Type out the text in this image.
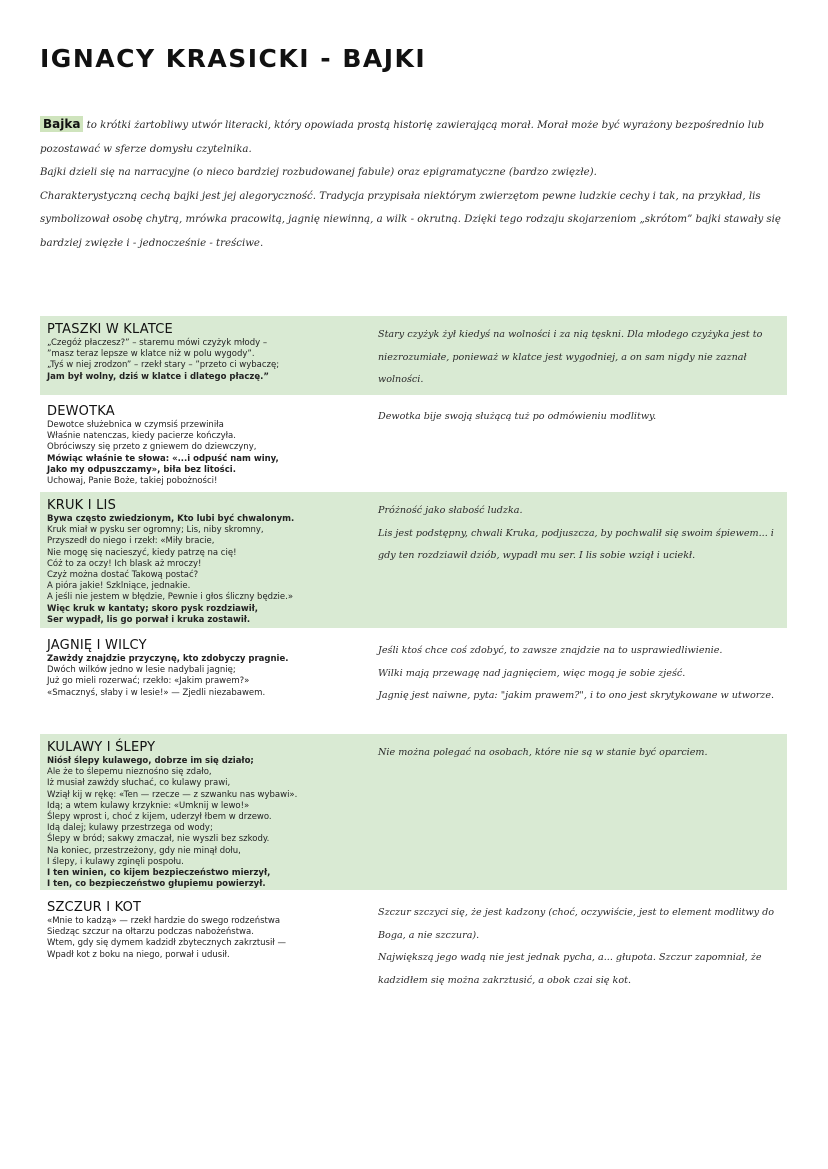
IGNACY KRASICKI - BAJKI

Bajka to krótki żartobliwy utwór literacki, który opowiada prostą historię zawierającą morał. Morał może być wyrażony bezpośrednio lub pozostawać w sferze domysłu czytelnika.

Bajki dzieli się na narracyjne (o nieco bardziej rozbudowanej fabule) oraz epigramatyczne (bardzo zwięzłe).

Charakterystyczną cechą bajki jest jej alegoryczność. Tradycja przypisała niektórym zwierzętom pewne ludzkie cechy i tak, na przykład, lis symbolizował osobę chytrą, mrówka pracowitą, jagnię niewinną, a wilk - okrutną. Dzięki tego rodzaju skojarzeniom „skrótom” bajki stawały się bardziej zwięzłe i - jednocześnie - treściwe.

PTASZKI W KLATCE
„Czegóż płaczesz?” – staremu mówi czyżyk młody –
”masz teraz lepsze w klatce niż w polu wygody”.
„Tyś w niej zrodzon” – rzekł stary – ”przeto ci wybaczę;
Jam był wolny, dziś w klatce i dlatego płaczę.”

Stary czyżyk żył kiedyś na wolności i za nią tęskni. Dla młodego czyżyka jest to niezrozumiałe, ponieważ w klatce jest wygodniej, a on sam nigdy nie zaznał wolności.

DEWOTKA
Dewotce służebnica w czymsiś przewiniła
Właśnie natenczas, kiedy pacierze kończyła.
Obróciwszy się przeto z gniewem do dziewczyny,
Mówiąc właśnie te słowa: «...i odpuść nam winy,
Jako my odpuszczamy», biła bez litości.
Uchowaj, Panie Boże, takiej pobożności!

Dewotka bije swoją służącą tuż po odmówieniu modlitwy.

KRUK I LIS
Bywa często zwiedzionym, Kto lubi być chwalonym.
Kruk miał w pysku ser ogromny; Lis, niby skromny,
Przyszedł do niego i rzekł: «Miły bracie,
Nie mogę się nacieszyć, kiedy patrzę na cię!
Cóż to za oczy! Ich blask aż mroczy!
Czyż można dostać Takową postać?
A pióra jakie! Szklniące, jednakie.
A jeśli nie jestem w błędzie, Pewnie i głos śliczny będzie.»
Więc kruk w kantaty; skoro pysk rozdziawił,
Ser wypadł, lis go porwał i kruka zostawił.

Próżność jako słabość ludzka.

Lis jest podstępny, chwali Kruka, podjuszcza, by pochwalił się swoim śpiewem... i gdy ten rozdziawił dziób, wypadł mu ser. I lis sobie wziął i uciekł.

JAGNIĘ I WILCY
Zawżdy znajdzie przyczynę, kto zdobyczy pragnie.
Dwóch wilków jedno w lesie nadybali jagnię;
Już go mieli rozerwać; rzekło: «Jakim prawem?»
«Smacznyś, słaby i w lesie!» — Zjedli niezabawem.

Jeśli ktoś chce coś zdobyć, to zawsze znajdzie na to usprawiedliwienie.

Wilki mają przewagę nad jagnięciem, więc mogą je sobie zjeść.

Jagnię jest naiwne, pyta: "jakim prawem?", i to ono jest skrytykowane w utworze.

KULAWY I ŚLEPY
Niósł ślepy kulawego, dobrze im się działo;
Ale że to ślepemu nieznośno się zdało,
Iż musiał zawżdy słuchać, co kulawy prawi,
Wziął kij w rękę: «Ten — rzecze — z szwanku nas wybawi».
Idą; a wtem kulawy krzyknie: «Umknij w lewo!»
Ślepy wprost i, choć z kijem, uderzył łbem w drzewo.
Idą dalej; kulawy przestrzega od wody;
Ślepy w bród; sakwy zmaczał, nie wyszli bez szkody.
Na koniec, przestrzeżony, gdy nie minął dołu,
I ślepy, i kulawy zginęli pospołu.
I ten winien, co kijem bezpieczeństwo mierzył,
I ten, co bezpieczeństwo głupiemu powierzył.

Nie można polegać na osobach, które nie są w stanie być oparciem.

SZCZUR I KOT
«Mnie to kadzą» — rzekł hardzie do swego rodzeństwa
Siedząc szczur na ołtarzu podczas nabożeństwa.
Wtem, gdy się dymem kadzidł zbytecznych zakrztusił —
Wpadł kot z boku na niego, porwał i udusił.

Szczur szczyci się, że jest kadzony (choć, oczywiście, jest to element modlitwy do Boga, a nie szczura).

Największą jego wadą nie jest jednak pycha, a... głupota. Szczur zapomniał, że kadzidłem się można zakrztusić, a obok czai się kot.
